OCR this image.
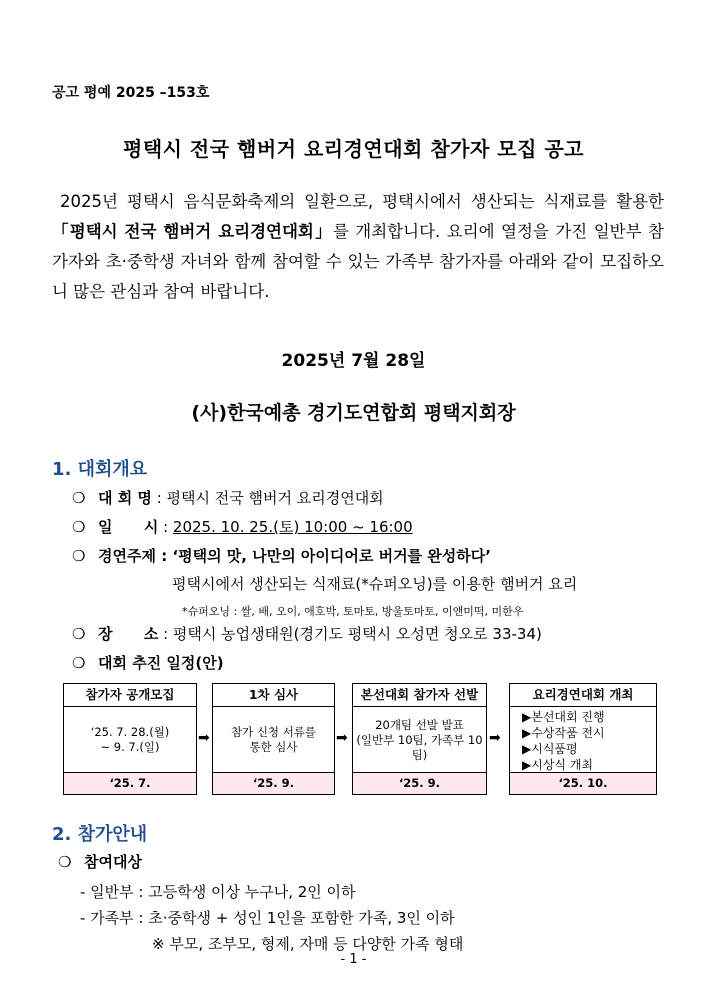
공고 평예 2025 –153호
평택시 전국 햄버거 요리경연대회 참가자 모집 공고
2025년 평택시 음식문화축제의 일환으로, 평택시에서 생산되는 식재료를 활용한 「평택시 전국 햄버거 요리경연대회」를 개최합니다. 요리에 열정을 가진 일반부 참가자와 초·중학생 자녀와 함께 참여할 수 있는 가족부 참가자를 아래와 같이 모집하오니 많은 관심과 참여 바랍니다.
2025년 7월 28일
(사)한국예총 경기도연합회 평택지회장
1. 대회개요
❍ 대 회 명 : 평택시 전국 햄버거 요리경연대회
❍ 일      시 : 2025. 10. 25.(토) 10:00 ~ 16:00
❍ 경연주제 : ‘평택의 맛, 나만의 아이디어로 버거를 완성하다’
평택시에서 생산되는 식재료(*슈퍼오닝)를 이용한 햄버거 요리
*슈퍼오닝 : 쌀, 배, 오이, 애호박, 토마토, 방울토마토, 이앤미떡, 미한우
❍ 장      소 : 평택시 농업생태원(경기도 평택시 오성면 청오로 33-34)
❍ 대회 추진 일정(안)
참가자 공개모집
‘25. 7. 28.(월)
~ 9. 7.(일)
‘25. 7.
➡
1차 심사
참가 신청 서류를
통한 심사
‘25. 9.
➡
본선대회 참가자 선발
20개팀 선발 발표
(일반부 10팀, 가족부 10팀)
‘25. 9.
➡
요리경연대회 개최
▶본선대회 진행
▶수상작품 전시
▶시식품평
▶시상식 개최
‘25. 10.
2. 참가안내
❍ 참여대상
- 일반부 : 고등학생 이상 누구나, 2인 이하
- 가족부 : 초·중학생 + 성인 1인을 포함한 가족, 3인 이하
※ 부모, 조부모, 형제, 자매 등 다양한 가족 형태
- 1 -
